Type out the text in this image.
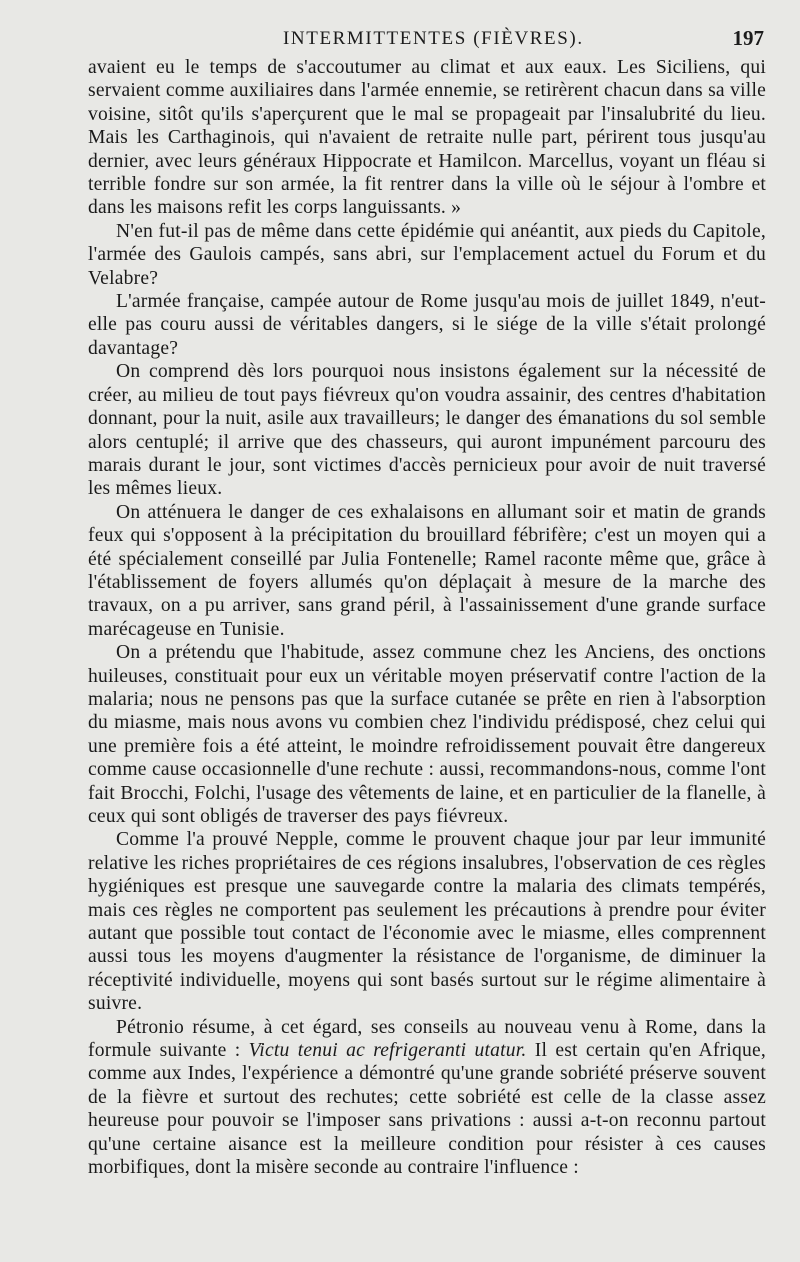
INTERMITTENTES (FIÈVRES).	197

avaient eu le temps de s'accoutumer au climat et aux eaux. Les Siciliens, qui servaient comme auxiliaires dans l'armée ennemie, se retirèrent chacun dans sa ville voisine, sitôt qu'ils s'aperçurent que le mal se propageait par l'insalubrité du lieu. Mais les Carthaginois, qui n'avaient de retraite nulle part, périrent tous jusqu'au dernier, avec leurs généraux Hippocrate et Hamilcon. Marcellus, voyant un fléau si terrible fondre sur son armée, la fit rentrer dans la ville où le séjour à l'ombre et dans les maisons refit les corps languissants. »

N'en fut-il pas de même dans cette épidémie qui anéantit, aux pieds du Capitole, l'armée des Gaulois campés, sans abri, sur l'emplacement actuel du Forum et du Velabre?

L'armée française, campée autour de Rome jusqu'au mois de juillet 1849, n'eut-elle pas couru aussi de véritables dangers, si le siége de la ville s'était prolongé davantage?

On comprend dès lors pourquoi nous insistons également sur la nécessité de créer, au milieu de tout pays fiévreux qu'on voudra assainir, des centres d'habitation donnant, pour la nuit, asile aux travailleurs; le danger des émanations du sol semble alors centuplé; il arrive que des chasseurs, qui auront impunément parcouru des marais durant le jour, sont victimes d'accès pernicieux pour avoir de nuit traversé les mêmes lieux.

On atténuera le danger de ces exhalaisons en allumant soir et matin de grands feux qui s'opposent à la précipitation du brouillard fébrifère; c'est un moyen qui a été spécialement conseillé par Julia Fontenelle; Ramel raconte même que, grâce à l'établissement de foyers allumés qu'on déplaçait à mesure de la marche des travaux, on a pu arriver, sans grand péril, à l'assainissement d'une grande surface marécageuse en Tunisie.

On a prétendu que l'habitude, assez commune chez les Anciens, des onctions huileuses, constituait pour eux un véritable moyen préservatif contre l'action de la malaria; nous ne pensons pas que la surface cutanée se prête en rien à l'absorption du miasme, mais nous avons vu combien chez l'individu prédisposé, chez celui qui une première fois a été atteint, le moindre refroidissement pouvait être dangereux comme cause occasionnelle d'une rechute : aussi, recommandons-nous, comme l'ont fait Brocchi, Folchi, l'usage des vêtements de laine, et en particulier de la flanelle, à ceux qui sont obligés de traverser des pays fiévreux.

Comme l'a prouvé Nepple, comme le prouvent chaque jour par leur immunité relative les riches propriétaires de ces régions insalubres, l'observation de ces règles hygiéniques est presque une sauvegarde contre la malaria des climats tempérés, mais ces règles ne comportent pas seulement les précautions à prendre pour éviter autant que possible tout contact de l'économie avec le miasme, elles comprennent aussi tous les moyens d'augmenter la résistance de l'organisme, de diminuer la réceptivité individuelle, moyens qui sont basés surtout sur le régime alimentaire à suivre.

Pétronio résume, à cet égard, ses conseils au nouveau venu à Rome, dans la formule suivante : Victu tenui ac refrigeranti utatur. Il est certain qu'en Afrique, comme aux Indes, l'expérience a démontré qu'une grande sobriété préserve souvent de la fièvre et surtout des rechutes; cette sobriété est celle de la classe assez heureuse pour pouvoir se l'imposer sans privations : aussi a-t-on reconnu partout qu'une certaine aisance est la meilleure condition pour résister à ces causes morbifiques, dont la misère seconde au contraire l'influence :
